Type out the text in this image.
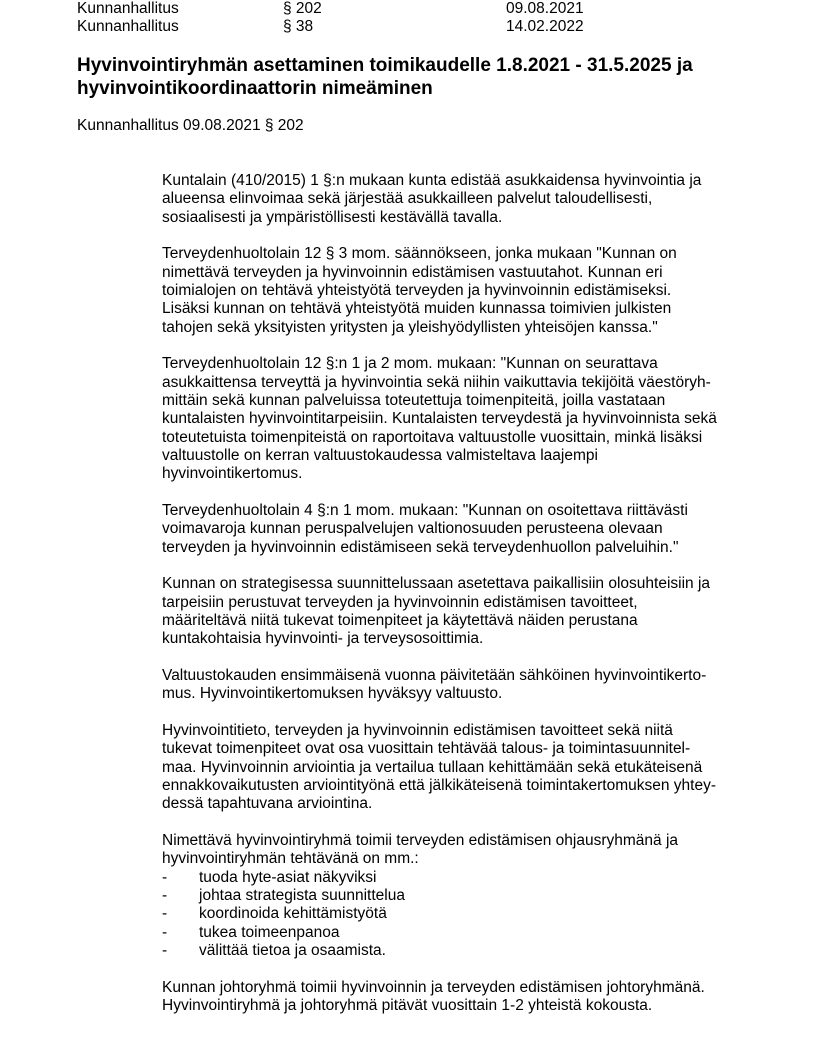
Kunnanhallitus	§ 202	09.08.2021
Kunnanhallitus	§ 38	14.02.2022
Hyvinvointiryhmän asettaminen toimikaudelle 1.8.2021 - 31.5.2025 ja
hyvinvointikoordinaattorin nimeäminen
Kunnanhallitus 09.08.2021 § 202

Kuntalain (410/2015) 1 §:n mukaan kunta edistää asukkaidensa hyvinvointia ja
alueensa elinvoimaa sekä järjestää asukkailleen palvelut taloudellisesti,
sosiaalisesti ja ympäristöllisesti kestävällä tavalla.

Terveydenhuoltolain 12 § 3 mom. säännökseen, jonka mukaan "Kunnan on
nimettävä terveyden ja hyvinvoinnin edistämisen vastuutahot. Kunnan eri
toimialojen on tehtävä yhteistyötä terveyden ja hyvinvoinnin edistämiseksi.
Lisäksi kunnan on tehtävä yhteistyötä muiden kunnassa toimivien julkisten
tahojen sekä yksityisten yritysten ja yleishyödyllisten yhteisöjen kanssa."

Terveydenhuoltolain 12 §:n 1 ja 2 mom. mukaan: "Kunnan on seurattava
asukkaittensa terveyttä ja hyvinvointia sekä niihin vaikuttavia tekijöitä väestöryh-
mittäin sekä kunnan palveluissa toteutettuja toimenpiteitä, joilla vastataan
kuntalaisten hyvinvointitarpeisiin. Kuntalaisten terveydestä ja hyvinvoinnista sekä
toteutetuista toimenpiteistä on raportoitava valtuustolle vuosittain, minkä lisäksi
valtuustolle on kerran valtuustokaudessa valmisteltava laajempi
hyvinvointikertomus.

Terveydenhuoltolain 4 §:n 1 mom. mukaan: "Kunnan on osoitettava riittävästi
voimavaroja kunnan peruspalvelujen valtionosuuden perusteena olevaan
terveyden ja hyvinvoinnin edistämiseen sekä terveydenhuollon palveluihin."

Kunnan on strategisessa suunnittelussaan asetettava paikallisiin olosuhteisiin ja
tarpeisiin perustuvat terveyden ja hyvinvoinnin edistämisen tavoitteet,
määriteltävä niitä tukevat toimenpiteet ja käytettävä näiden perustana
kuntakohtaisia hyvinvointi- ja terveysosoittimia.

Valtuustokauden ensimmäisenä vuonna päivitetään sähköinen hyvinvointikerto-
mus. Hyvinvointikertomuksen hyväksyy valtuusto.

Hyvinvointitieto, terveyden ja hyvinvoinnin edistämisen tavoitteet sekä niitä
tukevat toimenpiteet ovat osa vuosittain tehtävää talous- ja toimintasuunnitel-
maa. Hyvinvoinnin arviointia ja vertailua tullaan kehittämään sekä etukäteisenä
ennakkovaikutusten arviointityönä että jälkikäteisenä toimintakertomuksen yhtey-
dessä tapahtuvana arviointina.

Nimettävä hyvinvointiryhmä toimii terveyden edistämisen ohjausryhmänä ja
hyvinvointiryhmän tehtävänä on mm.:
- tuoda hyte-asiat näkyviksi
- johtaa strategista suunnittelua
- koordinoida kehittämistyötä
- tukea toimeenpanoa
- välittää tietoa ja osaamista.

Kunnan johtoryhmä toimii hyvinvoinnin ja terveyden edistämisen johtoryhmänä.
Hyvinvointiryhmä ja johtoryhmä pitävät vuosittain 1-2 yhteistä kokousta.
